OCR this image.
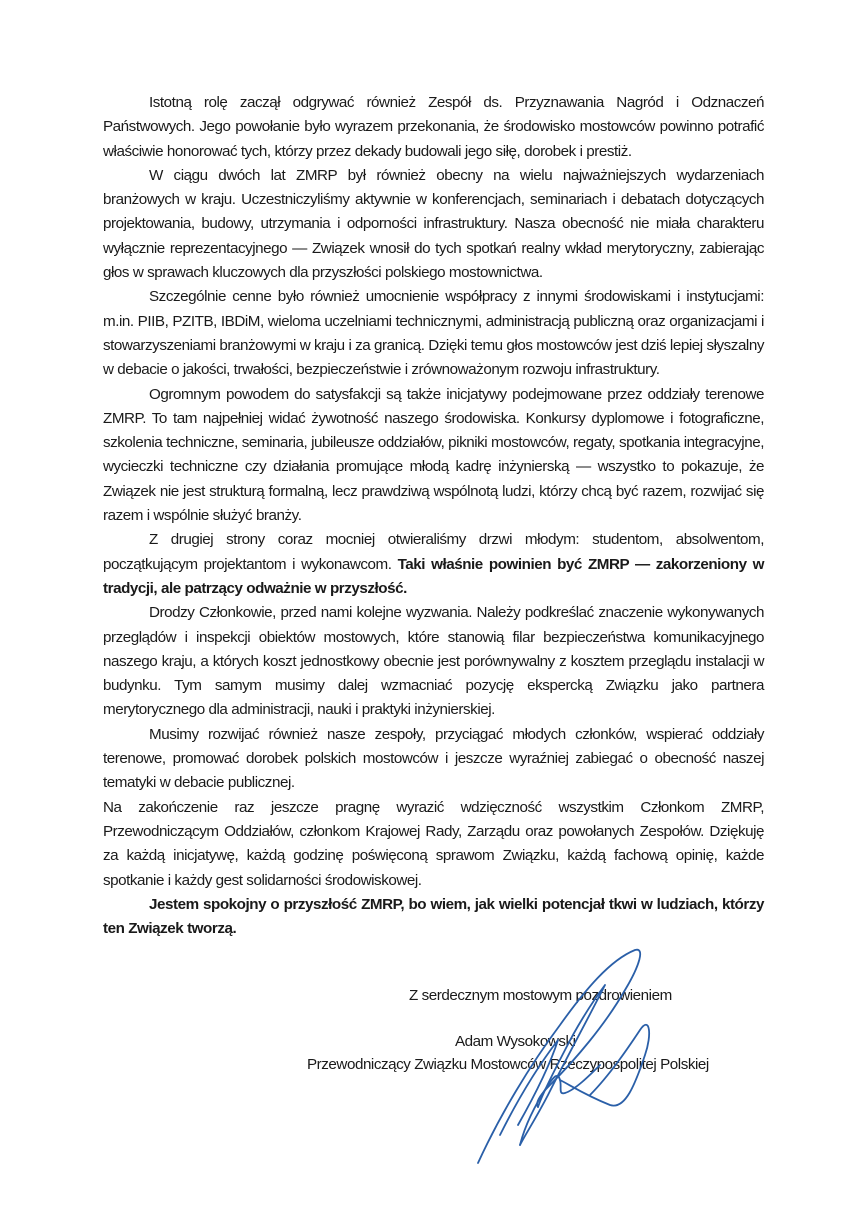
Istotną rolę zaczął odgrywać również Zespół ds. Przyznawania Nagród i Odznaczeń Państwowych. Jego powołanie było wyrazem przekonania, że środowisko mostowców powinno potrafić właściwie honorować tych, którzy przez dekady budowali jego siłę, dorobek i prestiż.

W ciągu dwóch lat ZMRP był również obecny na wielu najważniejszych wydarzeniach branżowych w kraju. Uczestniczyliśmy aktywnie w konferencjach, seminariach i debatach dotyczących projektowania, budowy, utrzymania i odporności infrastruktury. Nasza obecność nie miała charakteru wyłącznie reprezentacyjnego — Związek wnosił do tych spotkań realny wkład merytoryczny, zabierając głos w sprawach kluczowych dla przyszłości polskiego mostownictwa.

Szczególnie cenne było również umocnienie współpracy z innymi środowiskami i instytucjami: m.in. PIIB, PZITB, IBDiM, wieloma uczelniami technicznymi, administracją publiczną oraz organizacjami i stowarzyszeniami branżowymi w kraju i za granicą. Dzięki temu głos mostowców jest dziś lepiej słyszalny w debacie o jakości, trwałości, bezpieczeństwie i zrównoważonym rozwoju infrastruktury.

Ogromnym powodem do satysfakcji są także inicjatywy podejmowane przez oddziały terenowe ZMRP. To tam najpełniej widać żywotność naszego środowiska. Konkursy dyplomowe i fotograficzne, szkolenia techniczne, seminaria, jubileusze oddziałów, pikniki mostowców, regaty, spotkania integracyjne, wycieczki techniczne czy działania promujące młodą kadrę inżynierską — wszystko to pokazuje, że Związek nie jest strukturą formalną, lecz prawdziwą wspólnotą ludzi, którzy chcą być razem, rozwijać się razem i wspólnie służyć branży.

Z drugiej strony coraz mocniej otwieraliśmy drzwi młodym: studentom, absolwentom, początkującym projektantom i wykonawcom. Taki właśnie powinien być ZMRP — zakorzeniony w tradycji, ale patrzący odważnie w przyszłość.

Drodzy Członkowie, przed nami kolejne wyzwania. Należy podkreślać znaczenie wykonywanych przeglądów i inspekcji obiektów mostowych, które stanowią filar bezpieczeństwa komunikacyjnego naszego kraju, a których koszt jednostkowy obecnie jest porównywalny z kosztem przeglądu instalacji w budynku. Tym samym musimy dalej wzmacniać pozycję ekspercką Związku jako partnera merytorycznego dla administracji, nauki i praktyki inżynierskiej.

Musimy rozwijać również nasze zespoły, przyciągać młodych członków, wspierać oddziały terenowe, promować dorobek polskich mostowców i jeszcze wyraźniej zabiegać o obecność naszej tematyki w debacie publicznej.

Na zakończenie raz jeszcze pragnę wyrazić wdzięczność wszystkim Członkom ZMRP, Przewodniczącym Oddziałów, członkom Krajowej Rady, Zarządu oraz powołanych Zespołów. Dziękuję za każdą inicjatywę, każdą godzinę poświęconą sprawom Związku, każdą fachową opinię, każde spotkanie i każdy gest solidarności środowiskowej.

Jestem spokojny o przyszłość ZMRP, bo wiem, jak wielki potencjał tkwi w ludziach, którzy ten Związek tworzą.

Z serdecznym mostowym pozdrowieniem
Adam Wysokowski
Przewodniczący Związku Mostowców Rzeczypospolitej Polskiej
